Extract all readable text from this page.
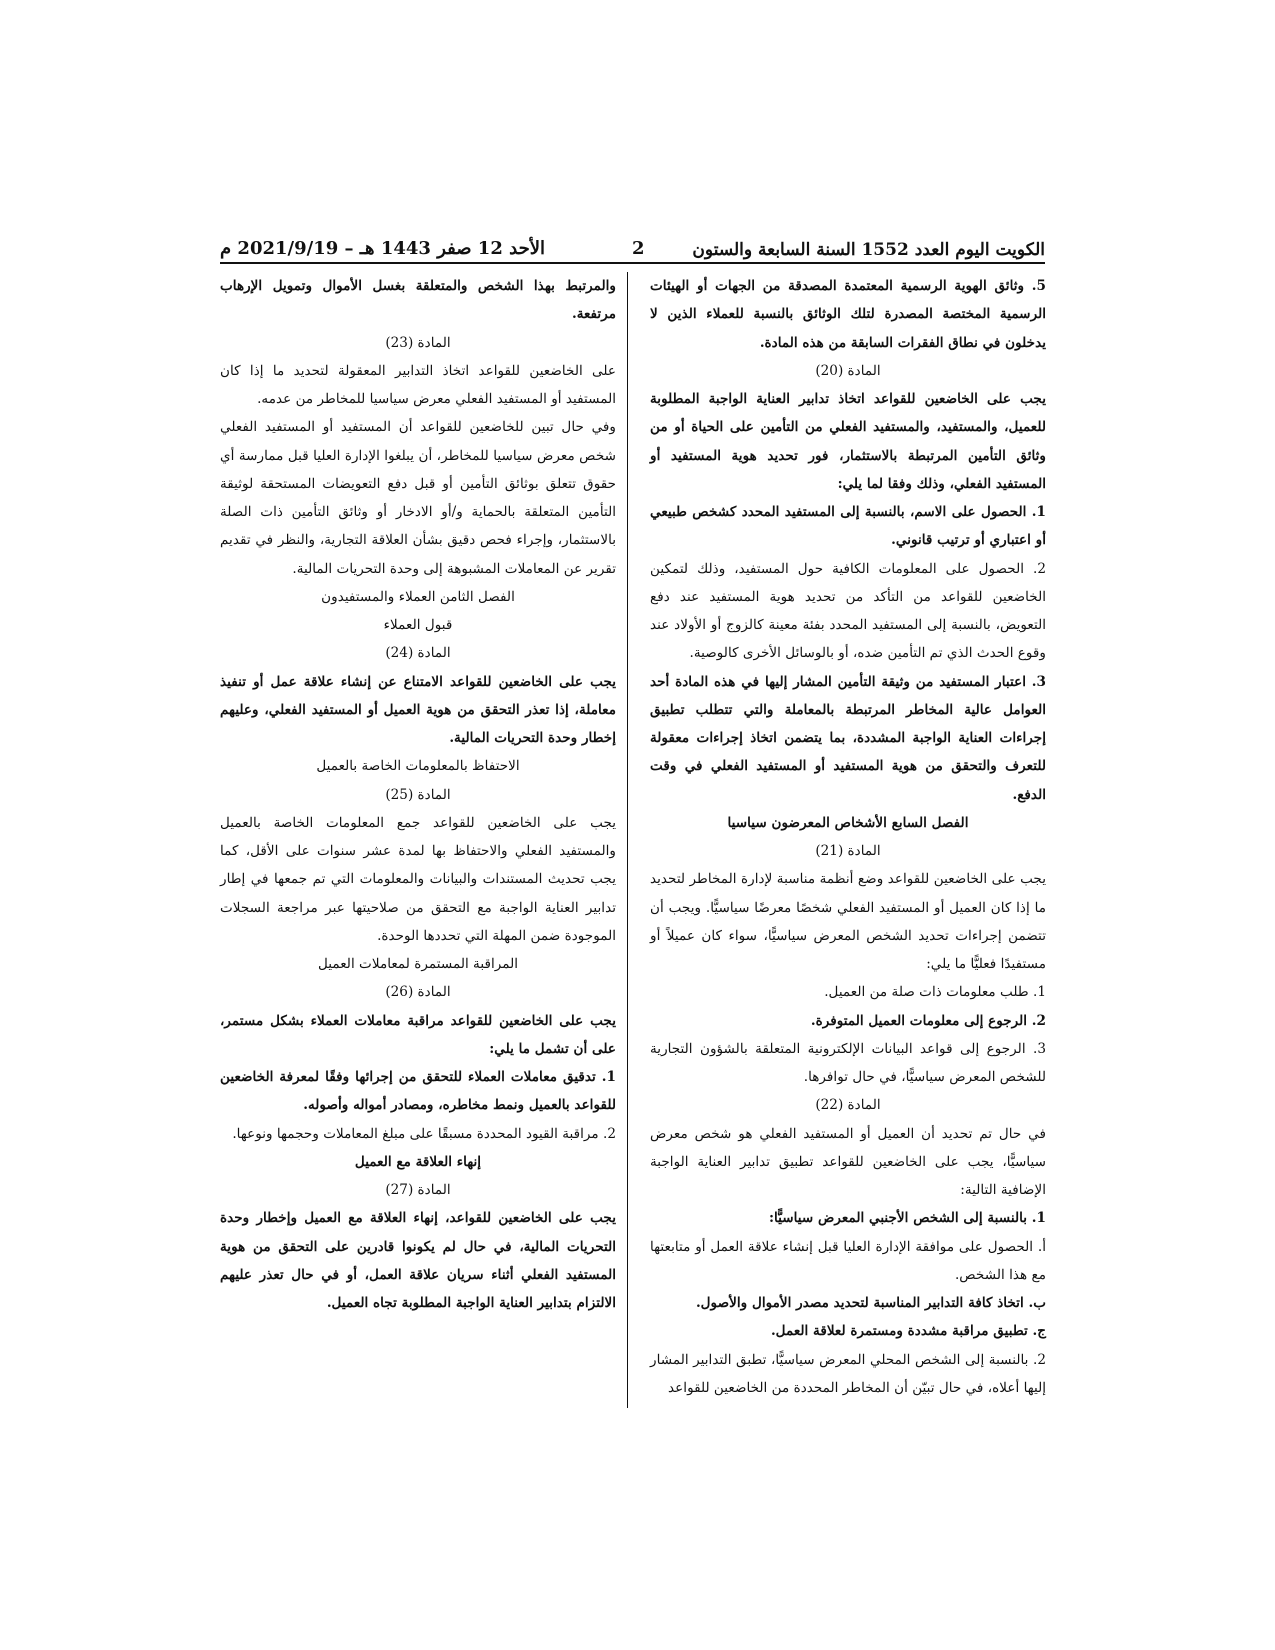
الكويت اليوم العدد 1552 السنة السابعة والستون
2
الأحد 12 صفر 1443 هـ – 2021/9/19 م

5. وثائق الهوية الرسمية المعتمدة المصدقة من الجهات أو الهيئات الرسمية المختصة المصدرة لتلك الوثائق بالنسبة للعملاء الذين لا يدخلون في نطاق الفقرات السابقة من هذه المادة.

المادة (20)

يجب على الخاضعين للقواعد اتخاذ تدابير العناية الواجبة المطلوبة للعميل، والمستفيد، والمستفيد الفعلي من التأمين على الحياة أو من وثائق التأمين المرتبطة بالاستثمار، فور تحديد هوية المستفيد أو المستفيد الفعلي، وذلك وفقا لما يلي:

1. الحصول على الاسم، بالنسبة إلى المستفيد المحدد كشخص طبيعي أو اعتباري أو ترتيب قانوني.

2. الحصول على المعلومات الكافية حول المستفيد، وذلك لتمكين الخاضعين للقواعد من التأكد من تحديد هوية المستفيد عند دفع التعويض، بالنسبة إلى المستفيد المحدد بفئة معينة كالزوج أو الأولاد عند وقوع الحدث الذي تم التأمين ضده، أو بالوسائل الأخرى كالوصية.

3. اعتبار المستفيد من وثيقة التأمين المشار إليها في هذه المادة أحد العوامل عالية المخاطر المرتبطة بالمعاملة والتي تتطلب تطبيق إجراءات العناية الواجبة المشددة، بما يتضمن اتخاذ إجراءات معقولة للتعرف والتحقق من هوية المستفيد أو المستفيد الفعلي في وقت الدفع.

الفصل السابع الأشخاص المعرضون سياسيا

المادة (21)

يجب على الخاضعين للقواعد وضع أنظمة مناسبة لإدارة المخاطر لتحديد ما إذا كان العميل أو المستفيد الفعلي شخصًا معرضًا سياسيًّا. ويجب أن تتضمن إجراءات تحديد الشخص المعرض سياسيًّا، سواء كان عميلاً أو مستفيدًا فعليًّا ما يلي:

1. طلب معلومات ذات صلة من العميل.

2. الرجوع إلى معلومات العميل المتوفرة.

3. الرجوع إلى قواعد البيانات الإلكترونية المتعلقة بالشؤون التجارية للشخص المعرض سياسيًّا، في حال توافرها.

المادة (22)

في حال تم تحديد أن العميل أو المستفيد الفعلي هو شخص معرض سياسيًّا، يجب على الخاضعين للقواعد تطبيق تدابير العناية الواجبة الإضافية التالية:

1. بالنسبة إلى الشخص الأجنبي المعرض سياسيًّا:

أ. الحصول على موافقة الإدارة العليا قبل إنشاء علاقة العمل أو متابعتها مع هذا الشخص.

ب. اتخاذ كافة التدابير المناسبة لتحديد مصدر الأموال والأصول.

ج. تطبيق مراقبة مشددة ومستمرة لعلاقة العمل.

2. بالنسبة إلى الشخص المحلي المعرض سياسيًّا، تطبق التدابير المشار إليها أعلاه، في حال تبيّن أن المخاطر المحددة من الخاضعين للقواعد

والمرتبط بهذا الشخص والمتعلقة بغسل الأموال وتمويل الإرهاب مرتفعة.

المادة (23)

على الخاضعين للقواعد اتخاذ التدابير المعقولة لتحديد ما إذا كان المستفيد أو المستفيد الفعلي معرض سياسيا للمخاطر من عدمه.

وفي حال تبين للخاضعين للقواعد أن المستفيد أو المستفيد الفعلي شخص معرض سياسيا للمخاطر، أن يبلغوا الإدارة العليا قبل ممارسة أي حقوق تتعلق بوثائق التأمين أو قبل دفع التعويضات المستحقة لوثيقة التأمين المتعلقة بالحماية و/أو الادخار أو وثائق التأمين ذات الصلة بالاستثمار، وإجراء فحص دقيق بشأن العلاقة التجارية، والنظر في تقديم تقرير عن المعاملات المشبوهة إلى وحدة التحريات المالية.

الفصل الثامن العملاء والمستفيدون

قبول العملاء

المادة (24)

يجب على الخاضعين للقواعد الامتناع عن إنشاء علاقة عمل أو تنفيذ معاملة، إذا تعذر التحقق من هوية العميل أو المستفيد الفعلي، وعليهم إخطار وحدة التحريات المالية.

الاحتفاظ بالمعلومات الخاصة بالعميل

المادة (25)

يجب على الخاضعين للقواعد جمع المعلومات الخاصة بالعميل والمستفيد الفعلي والاحتفاظ بها لمدة عشر سنوات على الأقل، كما يجب تحديث المستندات والبيانات والمعلومات التي تم جمعها في إطار تدابير العناية الواجبة مع التحقق من صلاحيتها عبر مراجعة السجلات الموجودة ضمن المهلة التي تحددها الوحدة.

المراقبة المستمرة لمعاملات العميل

المادة (26)

يجب على الخاضعين للقواعد مراقبة معاملات العملاء بشكل مستمر، على أن تشمل ما يلي:

1. تدقيق معاملات العملاء للتحقق من إجرائها وفقًا لمعرفة الخاضعين للقواعد بالعميل ونمط مخاطره، ومصادر أمواله وأصوله.

2. مراقبة القيود المحددة مسبقًا على مبلغ المعاملات وحجمها ونوعها.

إنهاء العلاقة مع العميل

المادة (27)

يجب على الخاضعين للقواعد، إنهاء العلاقة مع العميل وإخطار وحدة التحريات المالية، في حال لم يكونوا قادرين على التحقق من هوية المستفيد الفعلي أثناء سريان علاقة العمل، أو في حال تعذر عليهم الالتزام بتدابير العناية الواجبة المطلوبة تجاه العميل.
